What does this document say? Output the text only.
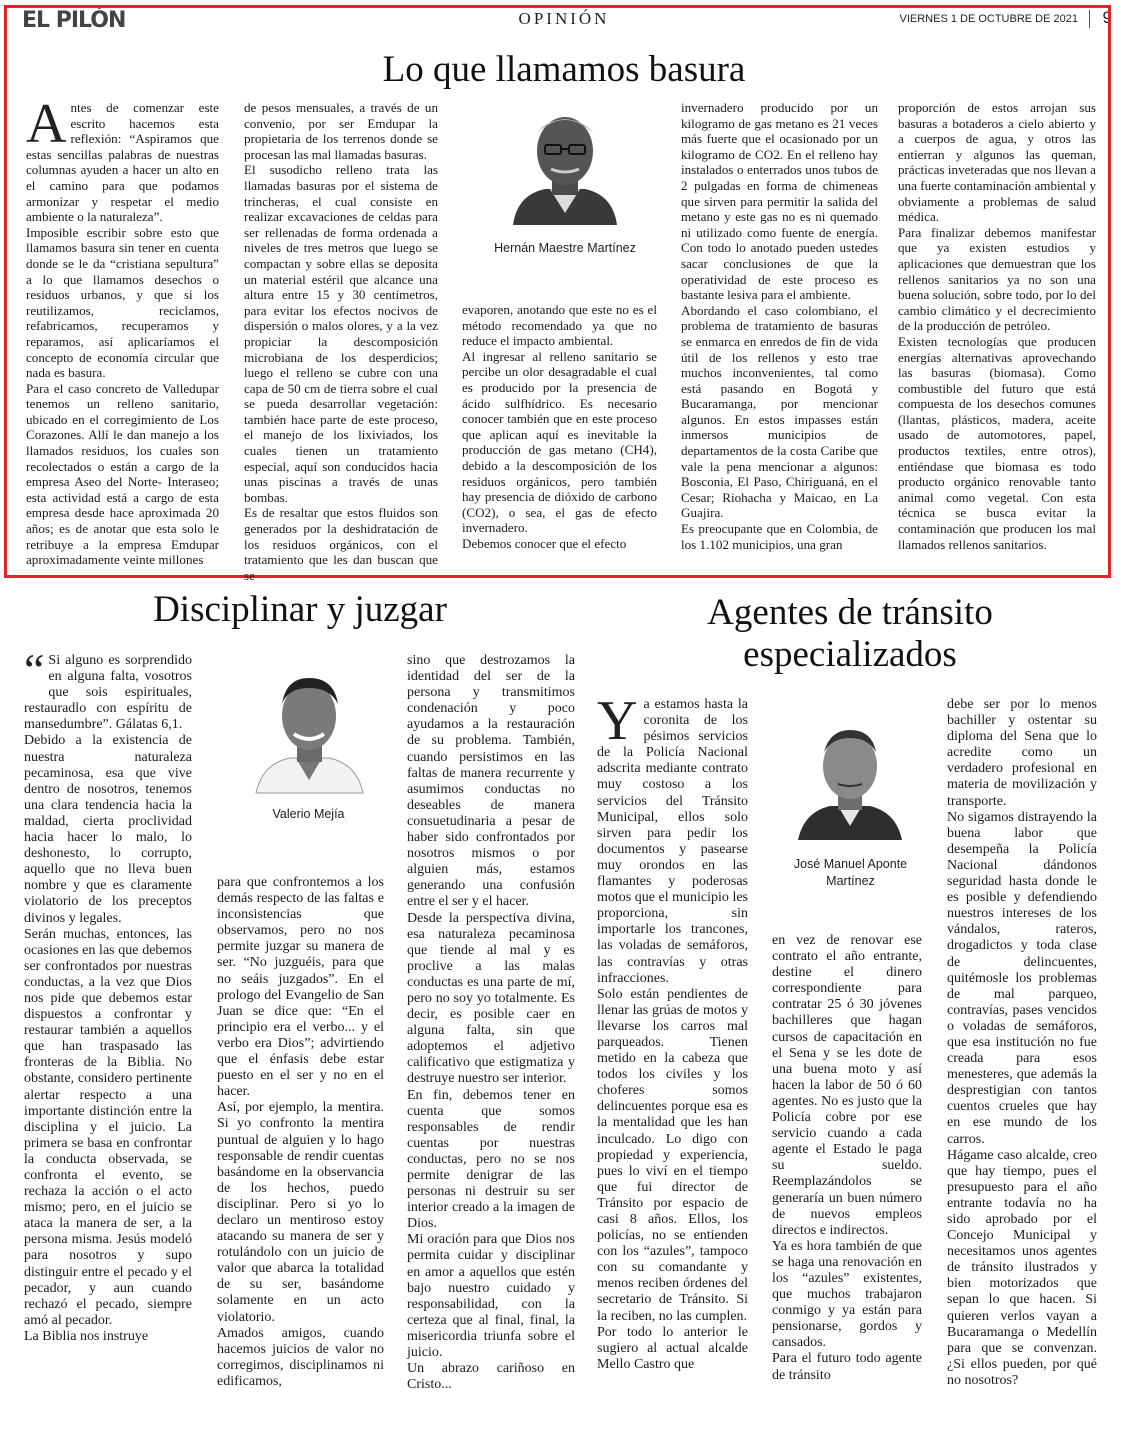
EL PILÓN	OPINIÓN	VIERNES 1 DE OCTUBRE DE 2021 9
Lo que llamamos basura
A ntes de comenzar este escrito hacemos esta reflexión: “Aspiramos que estas sencillas palabras de nuestras columnas ayuden a hacer un alto en el camino para que podamos armonizar y respetar el medio ambiente o la naturaleza”.

Imposible escribir sobre esto que llamamos basura sin tener en cuenta donde se le da “cristiana sepultura” a lo que llamamos desechos o residuos urbanos, y que si los reutilizamos, reciclamos, refabricamos, recuperamos y reparamos, así aplicaríamos el concepto de economía circular que nada es basura.

Para el caso concreto de Valledupar tenemos un relleno sanitario, ubicado en el corregimiento de Los Corazones. Allí le dan manejo a los llamados residuos, los cuales son recolectados o están a cargo de la empresa Aseo del Norte- Interaseo; esta actividad está a cargo de esta empresa desde hace aproximada 20 años; es de anotar que esta solo le retribuye a la empresa Emdupar aproximadamente veinte millones

de pesos mensuales, a través de un convenio, por ser Emdupar la propietaria de los terrenos donde se procesan las mal llamadas basuras.

El susodicho relleno trata las llamadas basuras por el sistema de trincheras, el cual consiste en realizar excavaciones de celdas para ser rellenadas de forma ordenada a niveles de tres metros que luego se compactan y sobre ellas se deposita un material estéril que alcance una altura entre 15 y 30 centímetros, para evitar los efectos nocivos de dispersión o malos olores, y a la vez propiciar la descomposición microbiana de los desperdicios; luego el relleno se cubre con una capa de 50 cm de tierra sobre el cual se pueda desarrollar vegetación: también hace parte de este proceso, el manejo de los lixiviados, los cuales tienen un tratamiento especial, aquí son conducidos hacia unas piscinas a través de unas bombas.

Es de resaltar que estos fluidos son generados por la deshidratación de los residuos orgánicos, con el tratamiento que les dan buscan que se

Hernán Maestre Martínez

evaporen, anotando que este no es el método recomendado ya que no reduce el impacto ambiental.

Al ingresar al relleno sanitario se percibe un olor desagradable el cual es producido por la presencia de ácido sulfhídrico. Es necesario conocer también que en este proceso que aplican aquí es inevitable la producción de gas metano (CH4), debido a la descomposición de los residuos orgánicos, pero también hay presencia de dióxido de carbono (CO2), o sea, el gas de efecto invernadero.

Debemos conocer que el efecto

invernadero producido por un kilogramo de gas metano es 21 veces más fuerte que el ocasionado por un kilogramo de CO2. En el relleno hay instalados o enterrados unos tubos de 2 pulgadas en forma de chimeneas que sirven para permitir la salida del metano y este gas no es ni quemado ni utilizado como fuente de energía. Con todo lo anotado pueden ustedes sacar conclusiones de que la operatividad de este proceso es bastante lesiva para el ambiente.

Abordando el caso colombiano, el problema de tratamiento de basuras se enmarca en enredos de fin de vida útil de los rellenos y esto trae muchos inconvenientes, tal como está pasando en Bogotá y Bucaramanga, por mencionar algunos. En estos impasses están inmersos municipios de departamentos de la costa Caribe que vale la pena mencionar a algunos: Bosconia, El Paso, Chiriguaná, en el Cesar; Riohacha y Maicao, en La Guajira.

Es preocupante que en Colombia, de los 1.102 municipios, una gran

proporción de estos arrojan sus basuras a botaderos a cielo abierto y a cuerpos de agua, y otros las entierran y algunos las queman, prácticas inveteradas que nos llevan a una fuerte contaminación ambiental y obviamente a problemas de salud médica.

Para finalizar debemos manifestar que ya existen estudios y aplicaciones que demuestran que los rellenos sanitarios ya no son una buena solución, sobre todo, por lo del cambio climático y el decrecimiento de la producción de petróleo.

Existen tecnologías que producen energías alternativas aprovechando las basuras (biomasa). Como combustible del futuro que está compuesta de los desechos comunes (llantas, plásticos, madera, aceite usado de automotores, papel, productos textiles, entre otros), entiéndase que biomasa es todo producto orgánico renovable tanto animal como vegetal. Con esta técnica se busca evitar la contaminación que producen los mal llamados rellenos sanitarios.

Disciplinar y juzgar
“ Si alguno es sorprendido en alguna falta, vosotros que sois espirituales, restauradlo con espíritu de mansedumbre”. Gálatas 6,1.

Debido a la existencia de nuestra naturaleza pecaminosa, esa que vive dentro de nosotros, tenemos una clara tendencia hacia la maldad, cierta proclividad hacia hacer lo malo, lo deshonesto, lo corrupto, aquello que no lleva buen nombre y que es claramente violatorio de los preceptos divinos y legales.

Serán muchas, entonces, las ocasiones en las que debemos ser confrontados por nuestras conductas, a la vez que Dios nos pide que debemos estar dispuestos a confrontar y restaurar también a aquellos que han traspasado las fronteras de la Biblia. No obstante, considero pertinente alertar respecto a una importante distinción entre la disciplina y el juicio. La primera se basa en confrontar la conducta observada, se confronta el evento, se rechaza la acción o el acto mismo; pero, en el juicio se ataca la manera de ser, a la persona misma. Jesús modeló para nosotros y supo distinguir entre el pecado y el pecador, y aun cuando rechazó el pecado, siempre amó al pecador.

La Biblia nos instruye

Valerio Mejía

para que confrontemos a los demás respecto de las faltas e inconsistencias que observamos, pero no nos permite juzgar su manera de ser. “No juzguéis, para que no seáis juzgados”. En el prologo del Evangelio de San Juan se dice que: “En el principio era el verbo... y el verbo era Dios”; advirtiendo que el énfasis debe estar puesto en el ser y no en el hacer.

Así, por ejemplo, la mentira. Si yo confronto la mentira puntual de alguien y lo hago responsable de rendir cuentas basándome en la observancia de los hechos, puedo disciplinar. Pero si yo lo declaro un mentiroso estoy atacando su manera de ser y rotulándolo con un juicio de valor que abarca la totalidad de su ser, basándome solamente en un acto violatorio.

Amados amigos, cuando hacemos juicios de valor no corregimos, disciplinamos ni edificamos,

sino que destrozamos la identidad del ser de la persona y transmitimos condenación y poco ayudamos a la restauración de su problema. También, cuando persistimos en las faltas de manera recurrente y asumimos conductas no deseables de manera consuetudinaria a pesar de haber sido confrontados por nosotros mismos o por alguien más, estamos generando una confusión entre el ser y el hacer.

Desde la perspectiva divina, esa naturaleza pecaminosa que tiende al mal y es proclive a las malas conductas es una parte de mí, pero no soy yo totalmente. Es decir, es posible caer en alguna falta, sin que adoptemos el adjetivo calificativo que estigmatiza y destruye nuestro ser interior.

En fin, debemos tener en cuenta que somos responsables de rendir cuentas por nuestras conductas, pero no se nos permite denigrar de las personas ni destruir su ser interior creado a la imagen de Dios.

Mi oración para que Dios nos permita cuidar y disciplinar en amor a aquellos que estén bajo nuestro cuidado y responsabilidad, con la certeza que al final, final, la misericordia triunfa sobre el juicio.

Un abrazo cariñoso en Cristo...

Agentes de tránsito especializados
Y a estamos hasta la coronita de los pésimos servicios de la Policía Nacional adscrita mediante contrato muy costoso a los servicios del Tránsito Municipal, ellos solo sirven para pedir los documentos y pasearse muy orondos en las flamantes y poderosas motos que el municipio les proporciona, sin importarle los trancones, las voladas de semáforos, las contravías y otras infracciones.

Solo están pendientes de llenar las grúas de motos y llevarse los carros mal parqueados. Tienen metido en la cabeza que todos los civiles y los choferes somos delincuentes porque esa es la mentalidad que les han inculcado. Lo digo con propiedad y experiencia, pues lo viví en el tiempo que fui director de Tránsito por espacio de casi 8 años. Ellos, los policías, no se entienden con los “azules”, tampoco con su comandante y menos reciben órdenes del secretario de Tránsito. Si la reciben, no las cumplen.

Por todo lo anterior le sugiero al actual alcalde Mello Castro que

José Manuel Aponte Martínez

en vez de renovar ese contrato el año entrante, destine el dinero correspondiente para contratar 25 ó 30 jóvenes bachilleres que hagan cursos de capacitación en el Sena y se les dote de una buena moto y así hacen la labor de 50 ó 60 agentes. No es justo que la Policía cobre por ese servicio cuando a cada agente el Estado le paga su sueldo. Reemplazándolos se generaría un buen número de nuevos empleos directos e indirectos.

Ya es hora también de que se haga una renovación en los “azules” existentes, que muchos trabajaron conmigo y ya están para pensionarse, gordos y cansados.

Para el futuro todo agente de tránsito

debe ser por lo menos bachiller y ostentar su diploma del Sena que lo acredite como un verdadero profesional en materia de movilización y transporte.

No sigamos distrayendo la buena labor que desempeña la Policía Nacional dándonos seguridad hasta donde le es posible y defendiendo nuestros intereses de los vándalos, rateros, drogadictos y toda clase de delincuentes, quitémosle los problemas de mal parqueo, contravías, pases vencidos o voladas de semáforos, que esa institución no fue creada para esos menesteres, que además la desprestigian con tantos cuentos crueles que hay en ese mundo de los carros.

Hágame caso alcalde, creo que hay tiempo, pues el presupuesto para el año entrante todavía no ha sido aprobado por el Concejo Municipal y necesitamos unos agentes de tránsito ilustrados y bien motorizados que sepan lo que hacen. Si quieren verlos vayan a Bucaramanga o Medellín para que se convenzan. ¿Si ellos pueden, por qué no nosotros?
